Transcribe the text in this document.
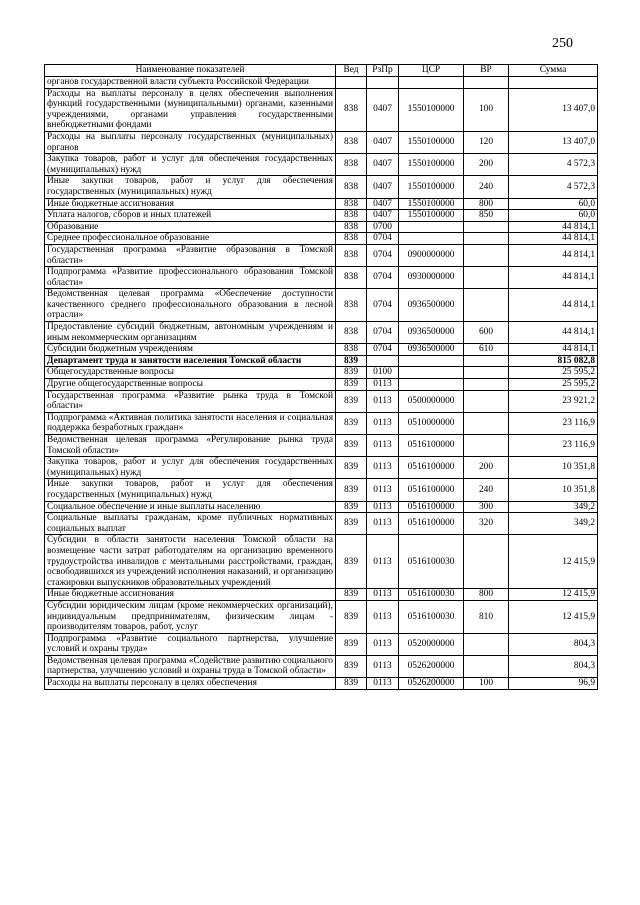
250
Наименование показателей	Вед	РзПр	ЦСР	ВР	Сумма
органов государственной власти субъекта Российской Федерации					
Расходы на выплаты персоналу в целях обеспечения выполнения функций государственными (муниципальными) органами, казенными учреждениями, органами управления государственными внебюджетными фондами	838	0407	1550100000	100	13 407,0
Расходы на выплаты персоналу государственных (муниципальных) органов	838	0407	1550100000	120	13 407,0
Закупка товаров, работ и услуг для обеспечения государственных (муниципальных) нужд	838	0407	1550100000	200	4 572,3
Иные закупки товаров, работ и услуг для обеспечения государственных (муниципальных) нужд	838	0407	1550100000	240	4 572,3
Иные бюджетные ассигнования	838	0407	1550100000	800	60,0
Уплата налогов, сборов и иных платежей	838	0407	1550100000	850	60,0
Образование	838	0700			44 814,1
Среднее профессиональное образование	838	0704			44 814,1
Государственная программа «Развитие образования в Томской области»	838	0704	0900000000		44 814,1
Подпрограмма «Развитие профессионального образования Томской области»	838	0704	0930000000		44 814,1
Ведомственная целевая программа «Обеспечение доступности качественного среднего профессионального образования в лесной отрасли»	838	0704	0936500000		44 814,1
Предоставление субсидий бюджетным, автономным учреждениям и иным некоммерческим организациям	838	0704	0936500000	600	44 814,1
Субсидии бюджетным учреждениям	838	0704	0936500000	610	44 814,1
Департамент труда и занятости населения Томской области	839				815 082,8
Общегосударственные вопросы	839	0100			25 595,2
Другие общегосударственные вопросы	839	0113			25 595,2
Государственная программа «Развитие рынка труда в Томской области»	839	0113	0500000000		23 921,2
Подпрограмма «Активная политика занятости населения и социальная поддержка безработных граждан»	839	0113	0510000000		23 116,9
Ведомственная целевая программа «Регулирование рынка труда Томской области»	839	0113	0516100000		23 116,9
Закупка товаров, работ и услуг для обеспечения государственных (муниципальных) нужд	839	0113	0516100000	200	10 351,8
Иные закупки товаров, работ и услуг для обеспечения государственных (муниципальных) нужд	839	0113	0516100000	240	10 351,8
Социальное обеспечение и иные выплаты населению	839	0113	0516100000	300	349,2
Социальные выплаты гражданам, кроме публичных нормативных социальных выплат	839	0113	0516100000	320	349,2
Субсидии в области занятости населения Томской области на возмещение части затрат работодателям на организацию временного трудоустройства инвалидов с ментальными расстройствами, граждан, освободившихся из учреждений исполнения наказаний, и организацию стажировки выпускников образовательных учреждений	839	0113	0516100030		12 415,9
Иные бюджетные ассигнования	839	0113	0516100030	800	12 415,9
Субсидии юридическим лицам (кроме некоммерческих организаций), индивидуальным предпринимателям, физическим лицам - производителям товаров, работ, услуг	839	0113	0516100030	810	12 415,9
Подпрограмма «Развитие социального партнерства, улучшение условий и охраны труда»	839	0113	0520000000		804,3
Ведомственная целевая программа «Содействие развитию социального партнерства, улучшению условий и охраны труда в Томской области»	839	0113	0526200000		804,3
Расходы на выплаты персоналу в целях обеспечения	839	0113	0526200000	100	96,9
